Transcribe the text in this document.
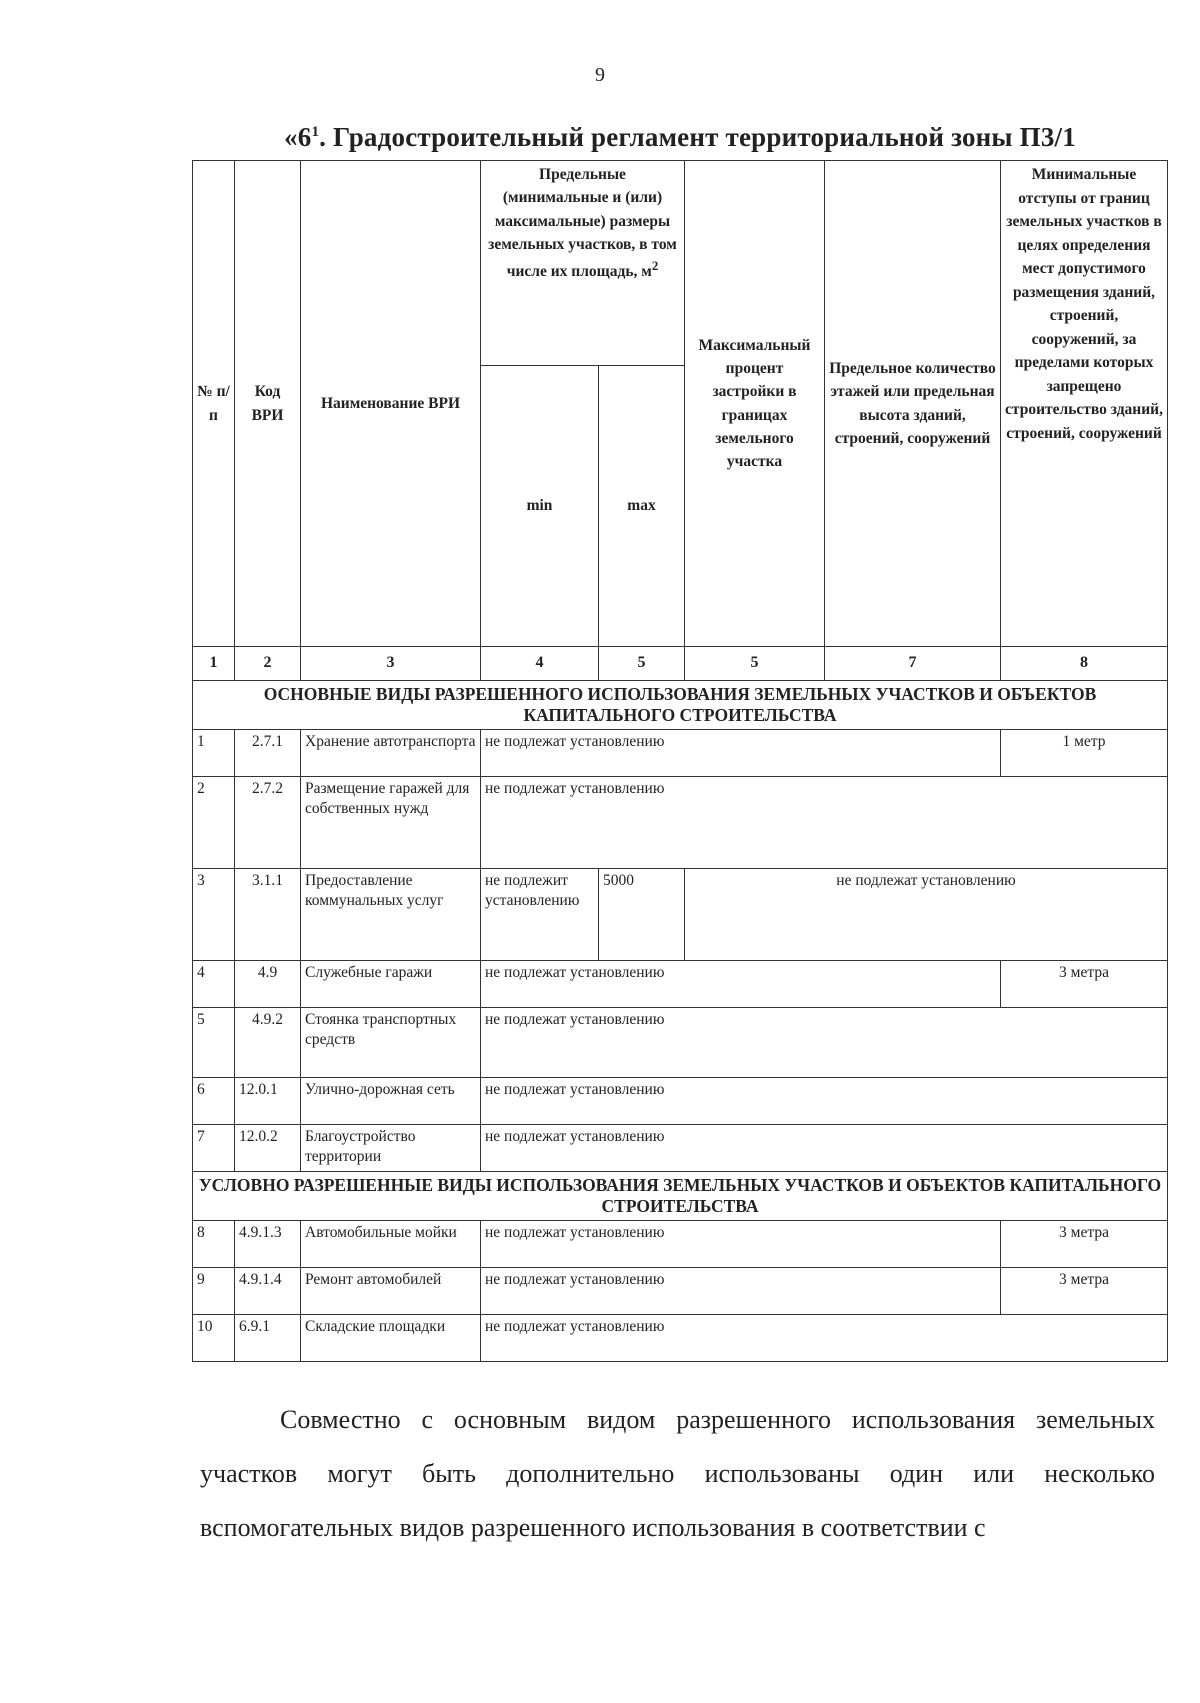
9
«$6^1$. Градостроительный регламент территориальной зоны П3/1
№ п/ п	Код ВРИ	Наименование ВРИ	Предельные (минимальные и (или) максимальные) размеры земельных участков, в том числе их площадь, $м^2$		Максимальный процент застройки в границах земельного участка	Предельное количество этажей или предельная высота зданий, строений, сооружений	Минимальные отступы от границ земельных участков в целях определения мест допустимого размещения зданий, строений, сооружений, за пределами которых запрещено строительство зданий, строений, сооружений
			min	max			
1	2	3	4	5	5	7	8
ОСНОВНЫЕ ВИДЫ РАЗРЕШЕННОГО ИСПОЛЬЗОВАНИЯ ЗЕМЕЛЬНЫХ УЧАСТКОВ И ОБЪЕКТОВ КАПИТАЛЬНОГО СТРОИТЕЛЬСТВА							
1	2.7.1	Хранение автотранспорта	не подлежат установлению				1 метр
2	2.7.2	Размещение гаражей для собственных нужд	не подлежат установлению				
3	3.1.1	Предоставление коммунальных услуг	не подлежит установлению	5000	не подлежат установлению		
4	4.9	Служебные гаражи	не подлежат установлению				3 метра
5	4.9.2	Стоянка транспортных средств	не подлежат установлению				
6	12.0.1	Улично-дорожная сеть	не подлежат установлению				
7	12.0.2	Благоустройство территории	не подлежат установлению				
УСЛОВНО РАЗРЕШЕННЫЕ ВИДЫ ИСПОЛЬЗОВАНИЯ ЗЕМЕЛЬНЫХ УЧАСТКОВ И ОБЪЕКТОВ КАПИТАЛЬНОГО СТРОИТЕЛЬСТВА							
8	4.9.1.3	Автомобильные мойки	не подлежат установлению				3 метра
9	4.9.1.4	Ремонт автомобилей	не подлежат установлению				3 метра
10	6.9.1	Складские площадки	не подлежат установлению				
Совместно с основным видом разрешенного использования земельных участков могут быть дополнительно использованы один или несколько вспомогательных видов разрешенного использования в соответствии с
